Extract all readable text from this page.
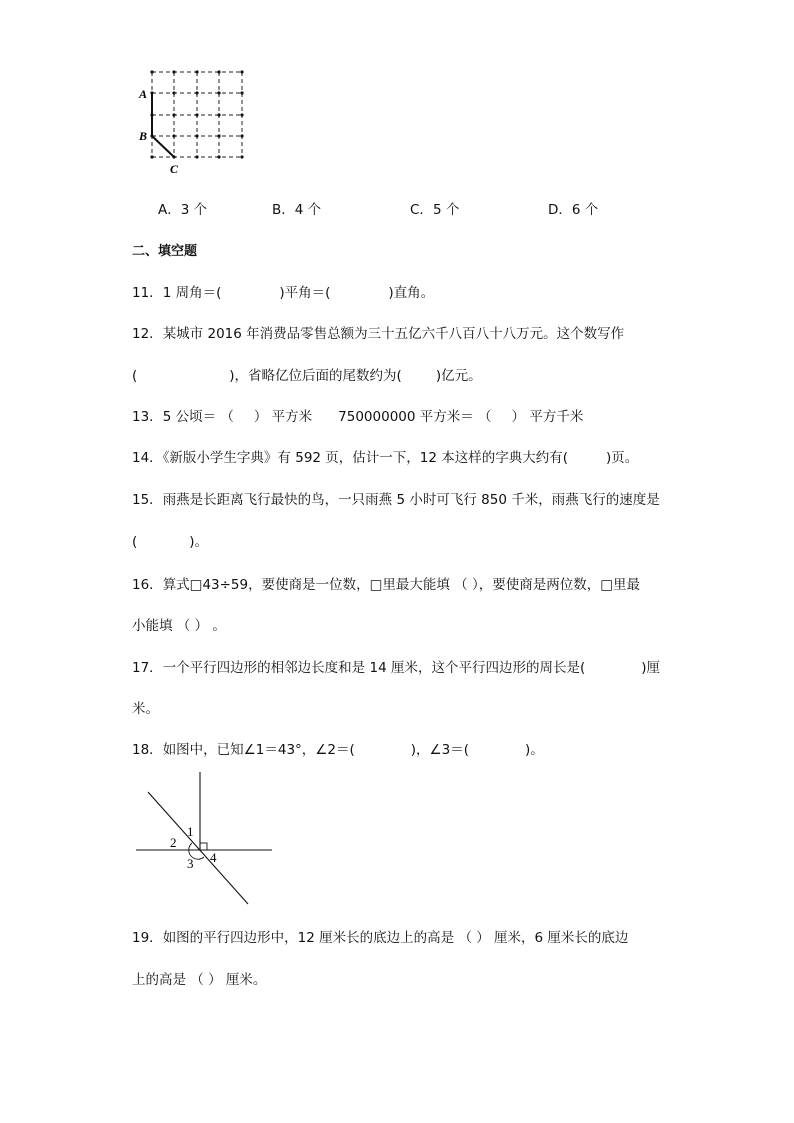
A
B
C
A．3 个	B．4 个	C．5 个	D．6 个
二、填空题
11．1 周角＝(	)平角＝(	)直角。
12．某城市 2016 年消费品零售总额为三十五亿六千八百八十八万元。这个数写作
(	)，省略亿位后面的尾数约为(	)亿元。
13．5 公顷＝ （ ） 平方米 750000000 平方米＝ （ ） 平方千米
14．《新版小学生字典》有 592 页，估计一下，12 本这样的字典大约有(	)页。
15．雨燕是长距离飞行最快的鸟，一只雨燕 5 小时可飞行 850 千米，雨燕飞行的速度是
(	)。
16．算式□43÷59，要使商是一位数，□里最大能填 （ ），要使商是两位数，□里最
小能填 （ ） 。
17．一个平行四边形的相邻边长度和是 14 厘米，这个平行四边形的周长是(	)厘
米。
18．如图中，已知∠1＝43°，∠2＝(	)，∠3＝(	)。
1
2
3 4
19．如图的平行四边形中，12 厘米长的底边上的高是 （ ） 厘米，6 厘米长的底边
上的高是 （ ） 厘米。
